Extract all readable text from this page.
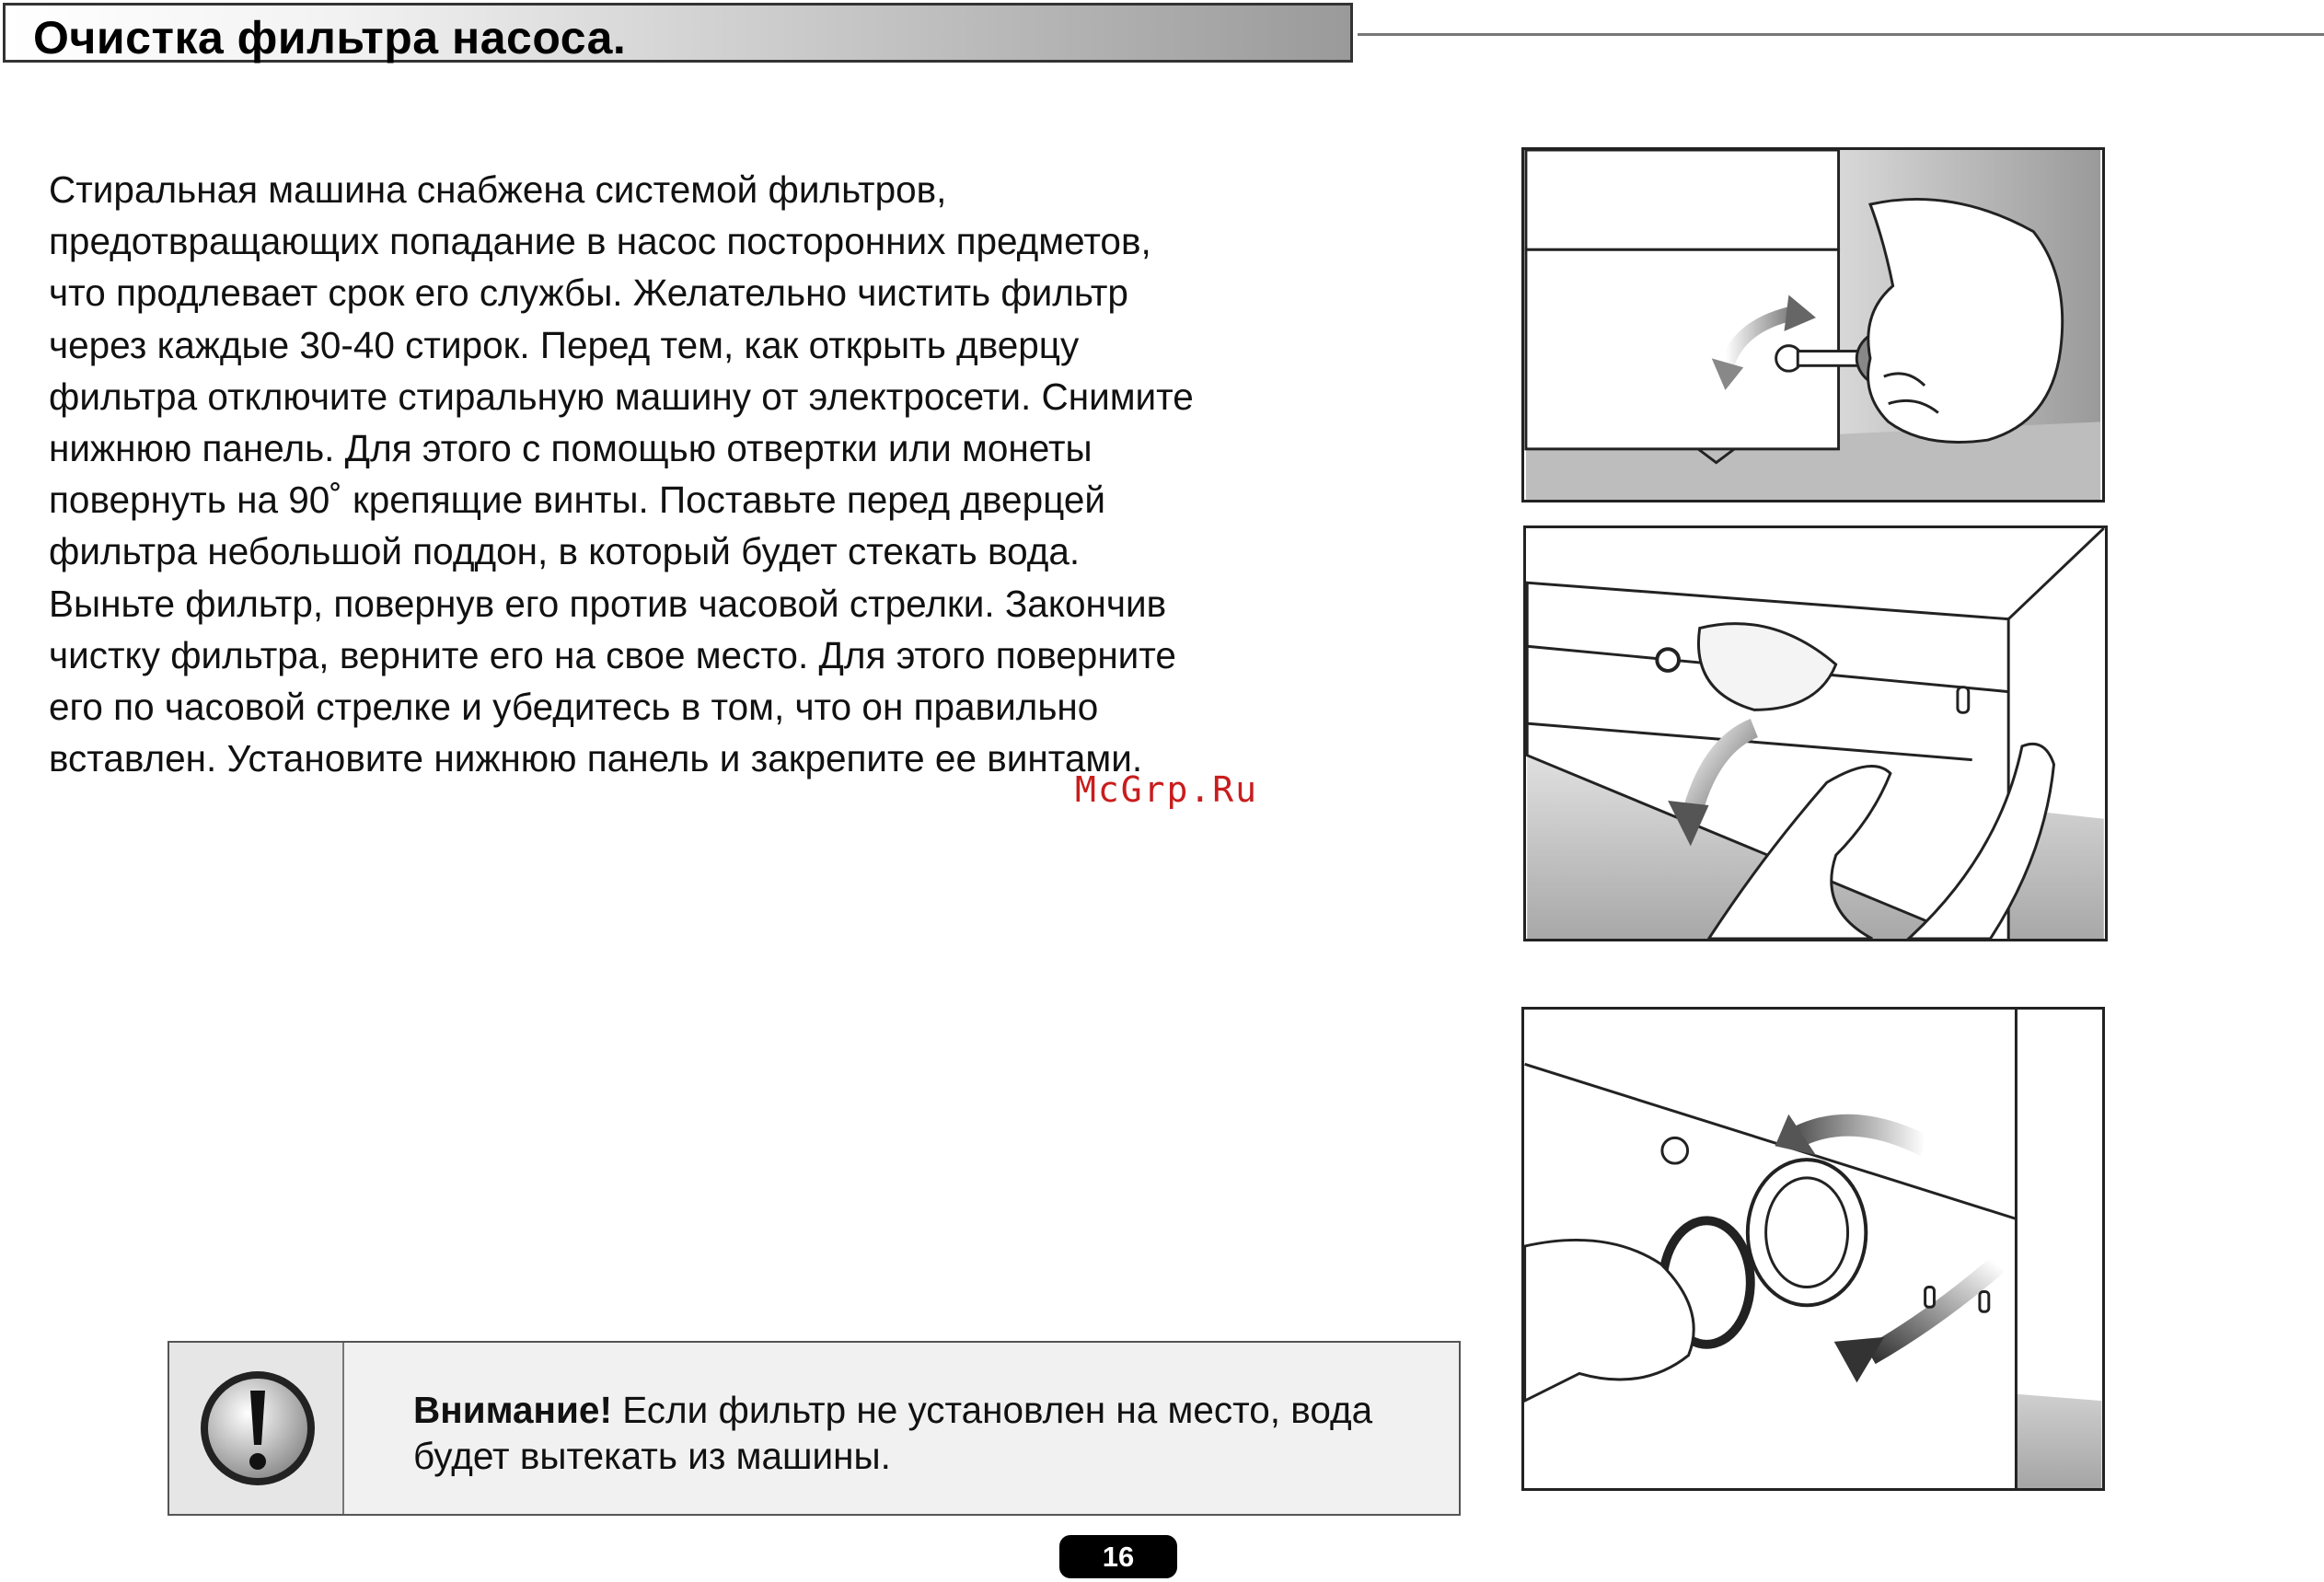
Очистка фильтра насоса.
Стиральная машина снабжена системой фильтров,
предотвращающих попадание в насос посторонних предметов,
что продлевает срок его службы. Желательно чистить фильтр
через каждые 30-40 стирок. Перед тем, как открыть дверцу
фильтра отключите стиральную машину от электросети. Снимите
нижнюю панель. Для этого с помощью отвертки или монеты
повернуть на 90˚ крепящие винты. Поставьте перед дверцей
фильтра небольшой поддон, в который будет стекать вода.
Выньте фильтр, повернув его против часовой стрелки. Закончив
чистку фильтра, верните его на свое место. Для этого поверните
его по часовой стрелке и убедитесь в том, что он правильно
вставлен. Установите нижнюю панель и закрепите ее винтами.
McGrp.Ru
Внимание! Если фильтр не установлен на место, вода будет вытекать из машины.
16
